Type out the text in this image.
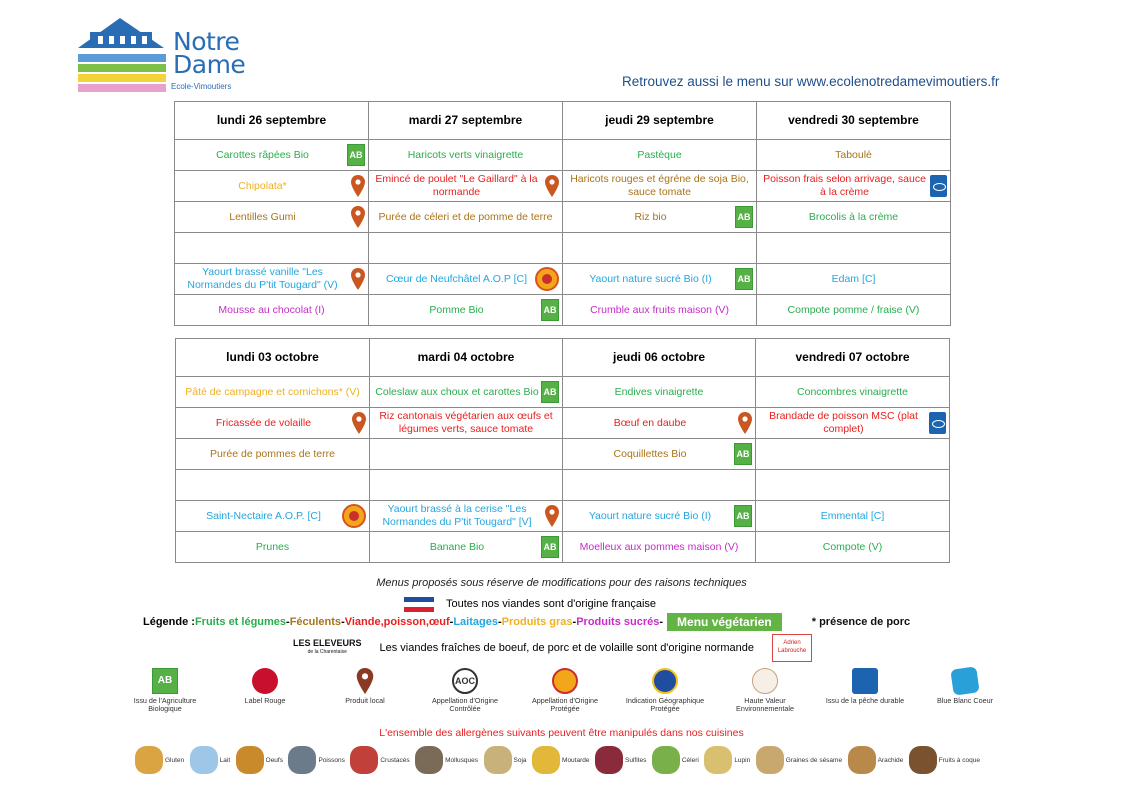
Notre
Dame
Ecole-Vimoutiers	Retrouvez aussi le menu sur www.ecolenotredamevimoutiers.fr
lundi 26 septembre	mardi 27 septembre	jeudi 29 septembre	vendredi 30 septembre

Carottes râpées Bio AB	Haricots verts vinaigrette	Pastèque	Taboulé

Chipolata*	Emincé de poulet "Le Gaillard" à la normande	Haricots rouges et égréne de soja Bio, sauce tomate	Poisson frais selon arrivage, sauce à la crème

Lentilles Gumi	Purée de céleri et de pomme de terre	Riz bio AB	Brocolis à la crème

Yaourt brassé vanille "Les Normandes du P'tit Tougard" (V)	Cœur de Neufchâtel A.O.P [C]	Yaourt nature sucré Bio (I) AB	Edam [C]

Mousse au chocolat (I)	Pomme Bio AB	Crumble aux fruits maison (V)	Compote pomme / fraise (V)
lundi 03 octobre	mardi 04 octobre	jeudi 06 octobre	vendredi 07 octobre

Pâté de campagne et cornichons* (V)	Coleslaw aux choux et carottes Bio AB	Endives vinaigrette	Concombres vinaigrette

Fricassée de volaille	Riz cantonais végétarien aux œufs et légumes verts, sauce tomate	Bœuf en daube	Brandade de poisson MSC (plat complet)

Purée de pommes de terre		Coquillettes Bio AB	

Saint-Nectaire A.O.P. [C]	Yaourt brassé à la cerise "Les Normandes du P'tit Tougard" [V]	Yaourt nature sucré Bio (I) AB	Emmental [C]

Prunes	Banane Bio AB	Moelleux aux pommes maison (V)	Compote (V)
Menus proposés sous réserve de modifications pour des raisons techniques
Toutes nos viandes sont d'origine française
Légende : Fruits et légumes - Féculents - Viande,poisson,œuf - Laitages - Produits gras - Produits sucrés -	Menu végétarien	* présence de porc
LES ELEVEURS
de la Charentaise	Les viandes fraîches de boeuf, de porc et de volaille sont d'origine normande	Adrien Labrouche
AB
Issu de l'Agriculture Biologique
Label Rouge	Produit local
AOC
Appellation d'Origine Contrôlée
Appellation d'Origine Protégée
Indication Géographique Protégée
Haute Valeur Environnementale
Issu de la pêche durable	Blue Blanc Coeur
L'ensemble des allergènes suivants peuvent être manipulés dans nos cuisines
Gluten	Lait	Oeufs	Poissons	Crustacés	Mollusques	Soja	Moutarde	Sulfites	Céleri	Lupin	Graines de sésame	Arachide	Fruits à coque
